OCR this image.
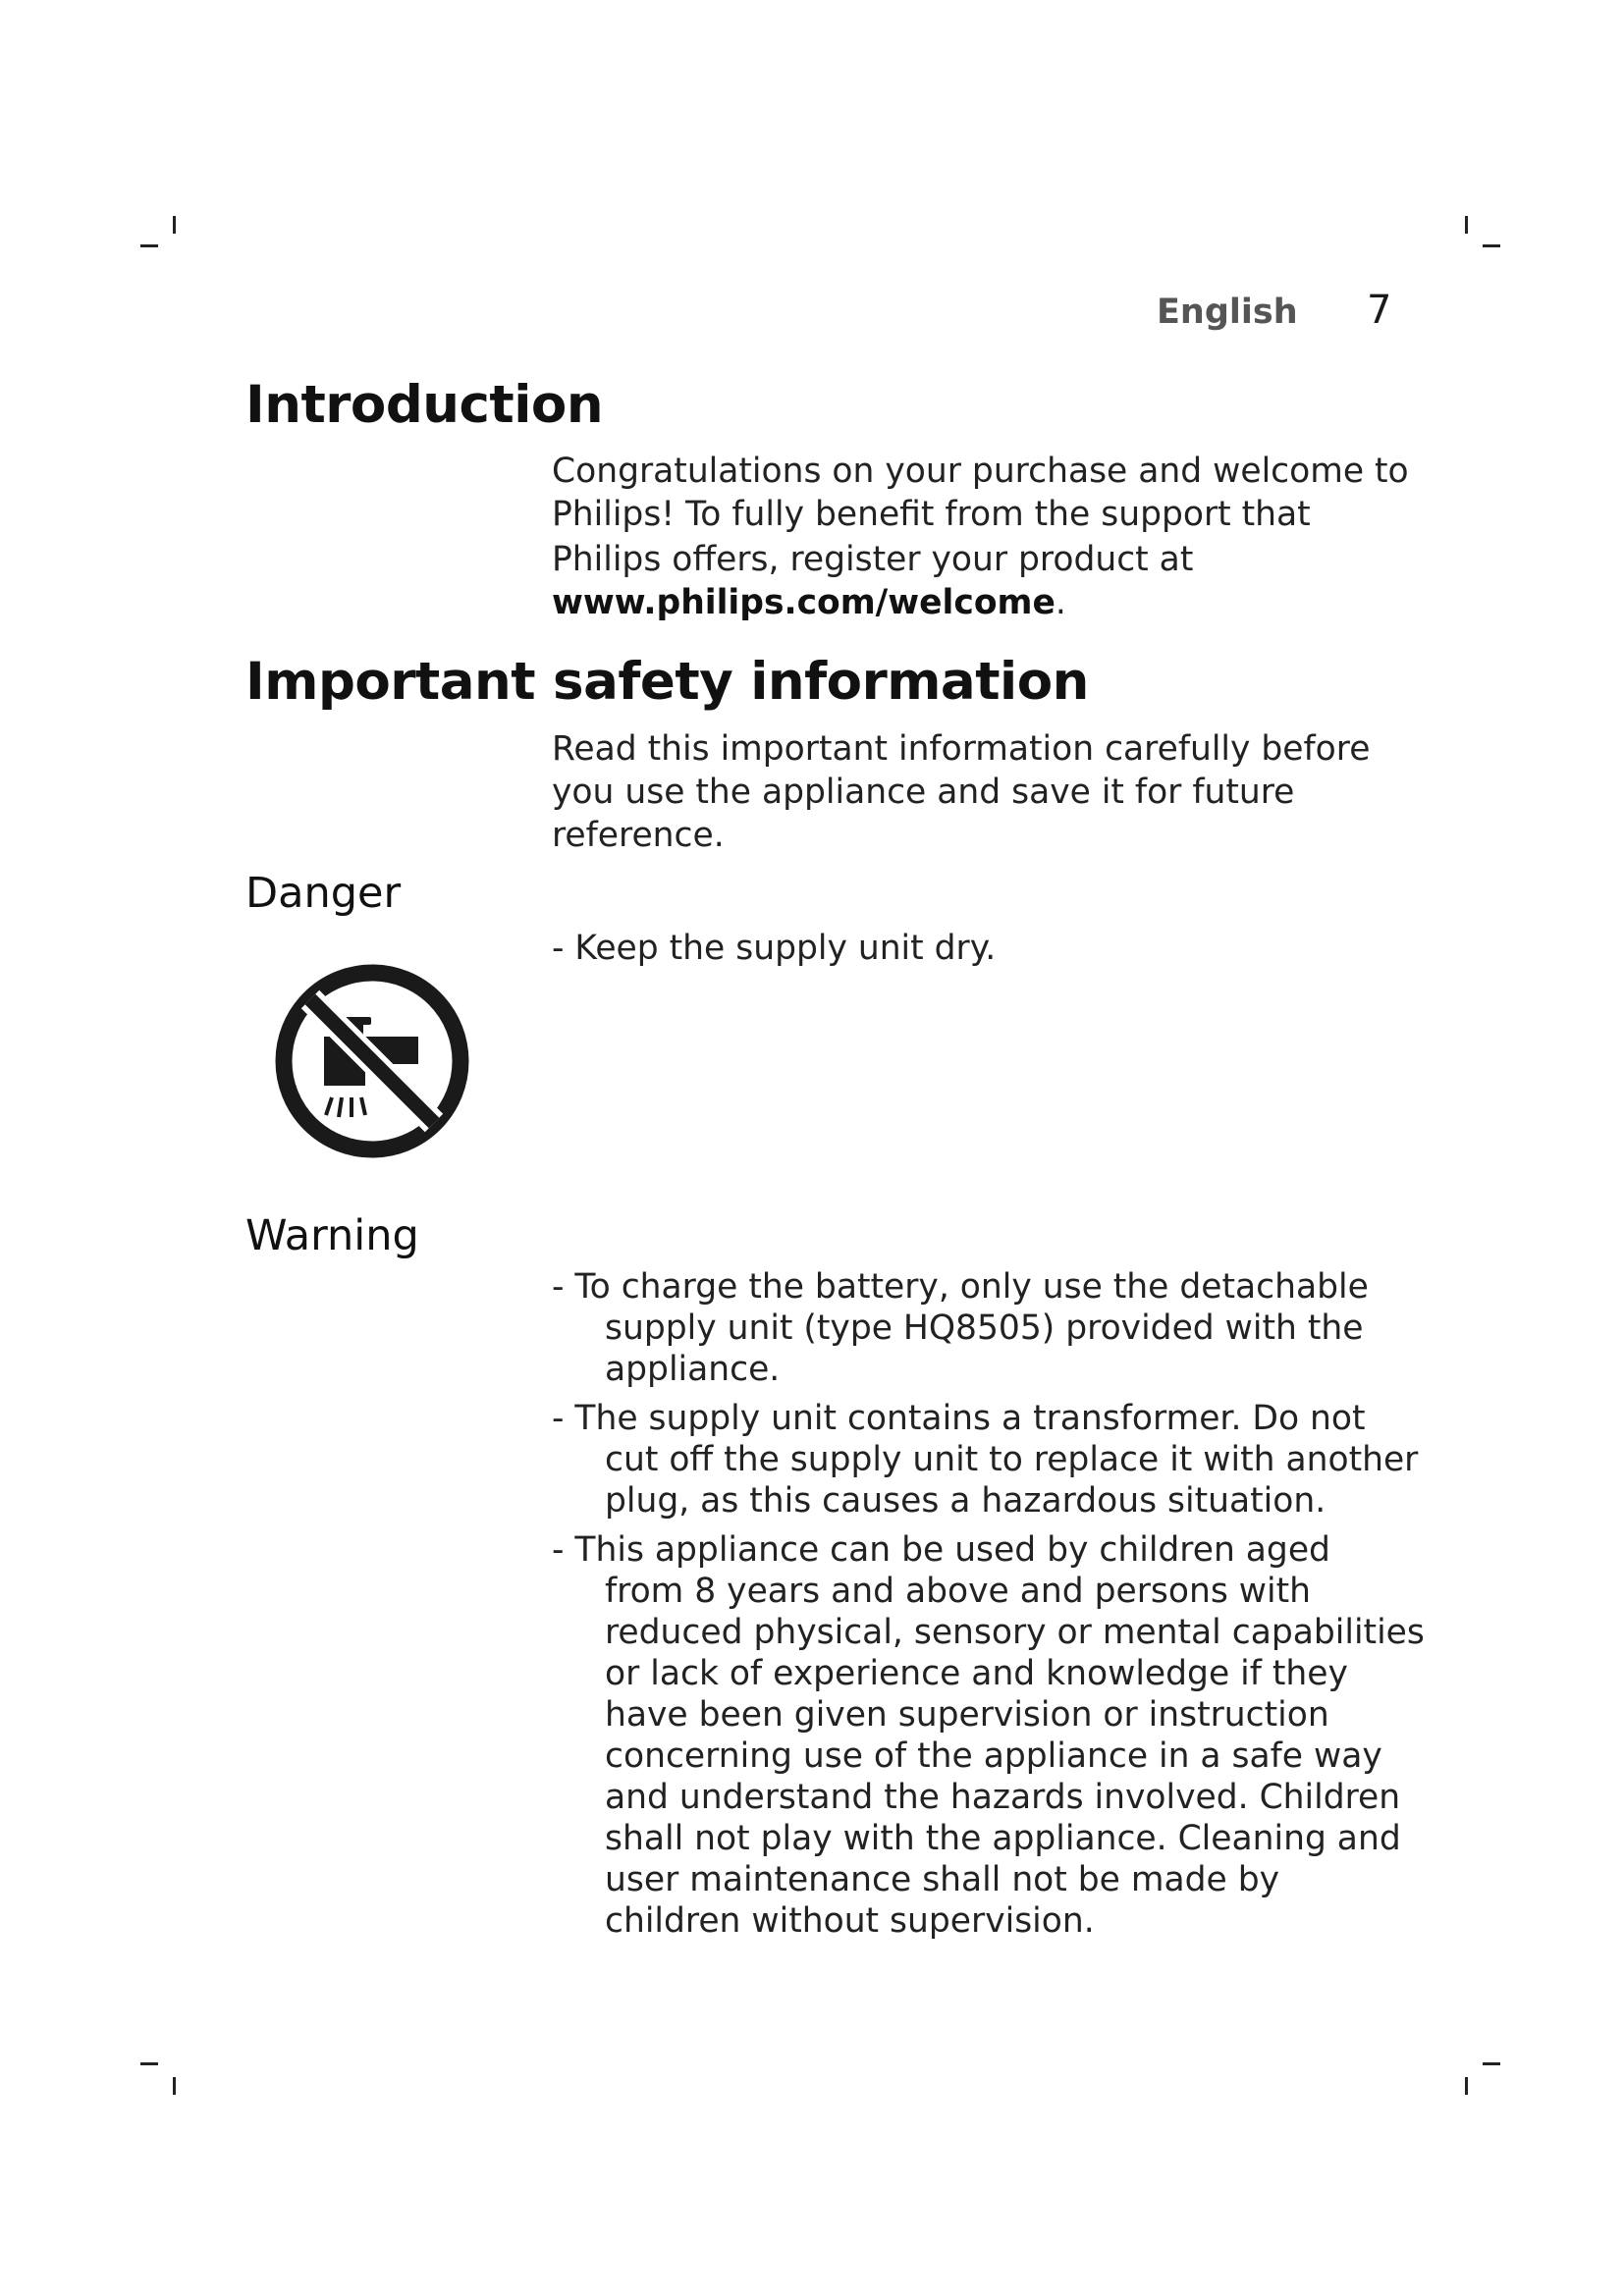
English 7
Introduction
Congratulations on your purchase and welcome to
Philips! To fully benefit from the support that
Philips offers, register your product at
www.philips.com/welcome.
Important safety information
Read this important information carefully before
you use the appliance and save it for future
reference.
Danger
- Keep the supply unit dry.
Warning
- To charge the battery, only use the detachable
supply unit (type HQ8505) provided with the
appliance.
- The supply unit contains a transformer. Do not
cut off the supply unit to replace it with another
plug, as this causes a hazardous situation.
- This appliance can be used by children aged
from 8 years and above and persons with
reduced physical, sensory or mental capabilities
or lack of experience and knowledge if they
have been given supervision or instruction
concerning use of the appliance in a safe way
and understand the hazards involved. Children
shall not play with the appliance. Cleaning and
user maintenance shall not be made by
children without supervision.
